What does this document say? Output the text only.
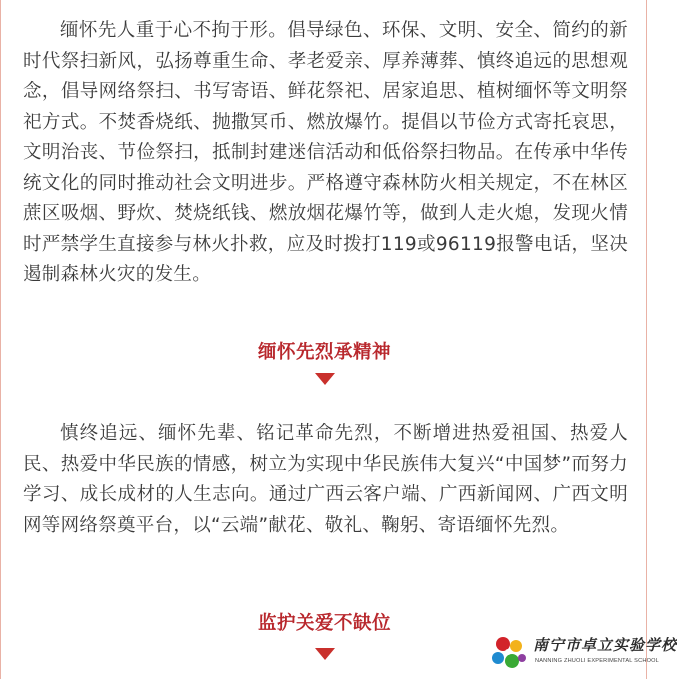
缅怀先人重于心不拘于形。倡导绿色、环保、文明、安全、简约的新时代祭扫新风，弘扬尊重生命、孝老爱亲、厚养薄葬、慎终追远的思想观念，倡导网络祭扫、书写寄语、鲜花祭祀、居家追思、植树缅怀等文明祭祀方式。不焚香烧纸、抛撒冥币、燃放爆竹。提倡以节俭方式寄托哀思，文明治丧、节俭祭扫，抵制封建迷信活动和低俗祭扫物品。在传承中华传统文化的同时推动社会文明进步。严格遵守森林防火相关规定，不在林区蔗区吸烟、野炊、焚烧纸钱、燃放烟花爆竹等，做到人走火熄，发现火情时严禁学生直接参与林火扑救，应及时拨打119或96119报警电话，坚决遏制森林火灾的发生。

缅怀先烈承精神

慎终追远、缅怀先辈、铭记革命先烈，不断增进热爱祖国、热爱人民、热爱中华民族的情感，树立为实现中华民族伟大复兴“中国梦”而努力学习、成长成材的人生志向。通过广西云客户端、广西新闻网、广西文明网等网络祭奠平台，以“云端”献花、敬礼、鞠躬、寄语缅怀先烈。

监护关爱不缺位
南宁市卓立实验学校
NANNING ZHUOLI EXPERIMENTAL SCHOOL
